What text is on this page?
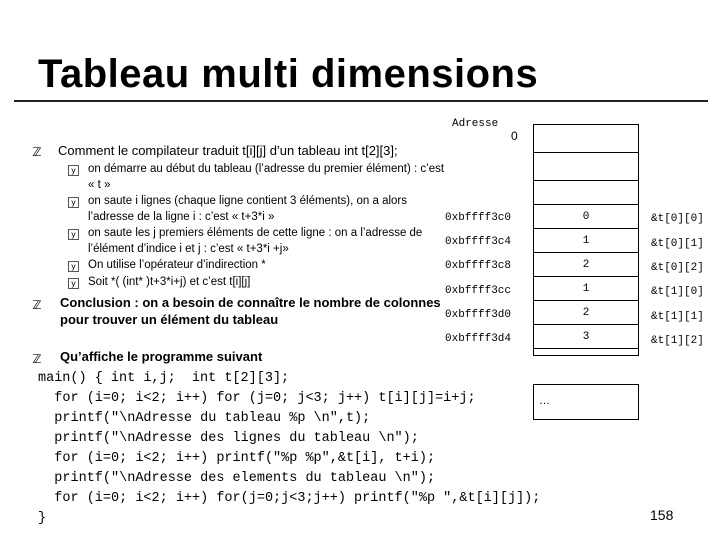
Tableau multi dimensions
Adresse
0
0
1
2
1
2
3
0xbffff3c0
0xbffff3c4
0xbffff3c8
0xbffff3cc
0xbffff3d0
0xbffff3d4
&t[0][0]
&t[0][1]
&t[0][2]
&t[1][0]
&t[1][1]
&t[1][2]
…
ℤ Comment le compilateur traduit t[i][j] d’un tableau int t[2][3];
y on démarre au début du tableau (l’adresse du premier élément) : c’est
« t »
y on saute i lignes (chaque ligne contient 3 éléments), on a alors
l’adresse de la ligne i : c’est « t+3*i »
y on saute les j premiers éléments de cette ligne : on a l’adresse de
l’élément d’indice i et j : c’est « t+3*i +j»
y On utilise l’opérateur d’indirection *
y Soit *( (int* )t+3*i+j) et c’est t[i][j]
ℤ Conclusion : on a besoin de connaître le nombre de colonnes
pour trouver un élément du tableau
ℤ Qu’affiche le programme suivant
main() { int i,j;  int t[2][3];
for (i=0; i<2; i++) for (j=0; j<3; j++) t[i][j]=i+j;
printf("\nAdresse du tableau %p \n",t);
printf("\nAdresse des lignes du tableau \n");
for (i=0; i<2; i++) printf("%p %p",&t[i], t+i);
printf("\nAdresse des elements du tableau \n");
for (i=0; i<2; i++) for(j=0;j<3;j++) printf("%p ",&t[i][j]);
}	158
